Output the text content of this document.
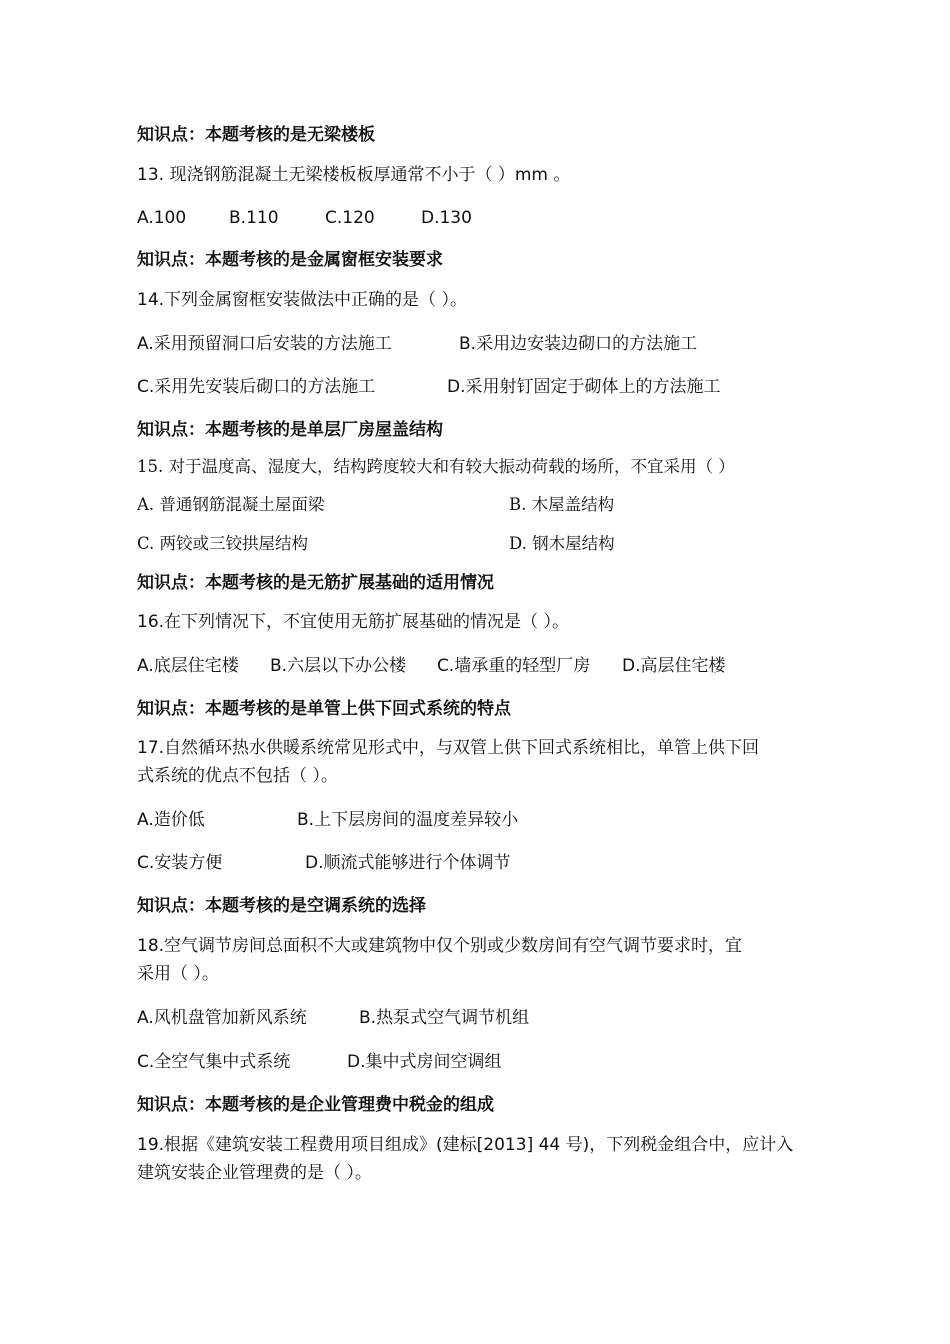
知识点：本题考核的是无梁楼板
13. 现浇钢筋混凝土无梁楼板板厚通常不小于（ ）mm 。
A.100	B.110	C.120	D.130
知识点：本题考核的是金属窗框安装要求
14.下列金属窗框安装做法中正确的是（ ）。
A.采用预留洞口后安装的方法施工	B.采用边安装边砌口的方法施工
C.采用先安装后砌口的方法施工	D.采用射钉固定于砌体上的方法施工
知识点：本题考核的是单层厂房屋盖结构
15. 对于温度高、湿度大，结构跨度较大和有较大振动荷载的场所，不宜采用（ ）
A. 普通钢筋混凝土屋面梁	B. 木屋盖结构
C. 两铰或三铰拱屋结构	D. 钢木屋结构
知识点：本题考核的是无筋扩展基础的适用情况
16.在下列情况下，不宜使用无筋扩展基础的情况是（ ）。
A.底层住宅楼 B.六层以下办公楼 C.墙承重的轻型厂房 D.高层住宅楼
知识点：本题考核的是单管上供下回式系统的特点
17.自然循环热水供暖系统常见形式中，与双管上供下回式系统相比，单管上供下回
式系统的优点不包括（ ）。
A.造价低	B.上下层房间的温度差异较小
C.安装方便	D.顺流式能够进行个体调节
知识点：本题考核的是空调系统的选择
18.空气调节房间总面积不大或建筑物中仅个别或少数房间有空气调节要求时，宜
采用（ ）。
A.风机盘管加新风系统	B.热泵式空气调节机组
C.全空气集中式系统	D.集中式房间空调组
知识点：本题考核的是企业管理费中税金的组成
19.根据《建筑安装工程费用项目组成》(建标[2013] 44 号)，下列税金组合中，应计入
建筑安装企业管理费的是（ ）。
